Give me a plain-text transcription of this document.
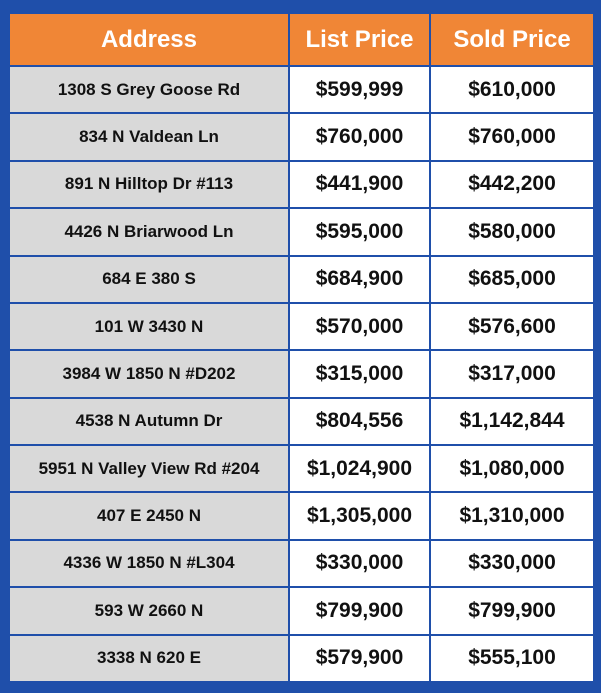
Address	List Price	Sold Price
1308 S Grey Goose Rd	$599,999	$610,000
834 N Valdean Ln	$760,000	$760,000
891 N Hilltop Dr #113	$441,900	$442,200
4426 N Briarwood Ln	$595,000	$580,000
684 E 380 S	$684,900	$685,000
101 W 3430 N	$570,000	$576,600
3984 W 1850 N #D202	$315,000	$317,000
4538 N Autumn Dr	$804,556	$1,142,844
5951 N Valley View Rd #204	$1,024,900	$1,080,000
407 E 2450 N	$1,305,000	$1,310,000
4336 W 1850 N #L304	$330,000	$330,000
593 W 2660 N	$799,900	$799,900
3338 N 620 E	$579,900	$555,100
